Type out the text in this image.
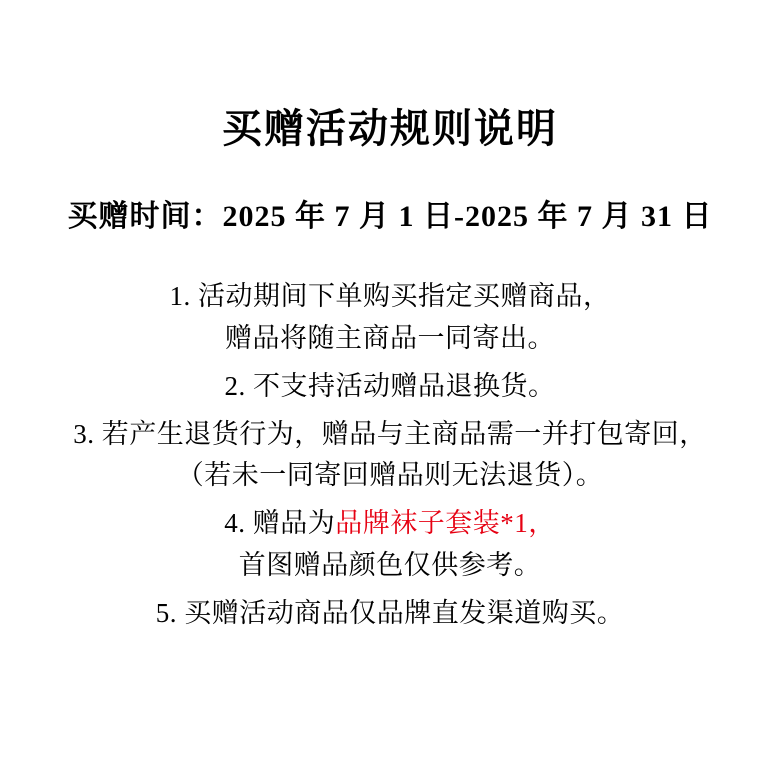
买赠活动规则说明
买赠时间：2025 年 7 月 1 日-2025 年 7 月 31 日
1. 活动期间下单购买指定买赠商品，
赠品将随主商品一同寄出。
2. 不支持活动赠品退换货。
3. 若产生退货行为，赠品与主商品需一并打包寄回，
（若未一同寄回赠品则无法退货）。
4. 赠品为品牌袜子套装*1，
首图赠品颜色仅供参考。
5. 买赠活动商品仅品牌直发渠道购买。
